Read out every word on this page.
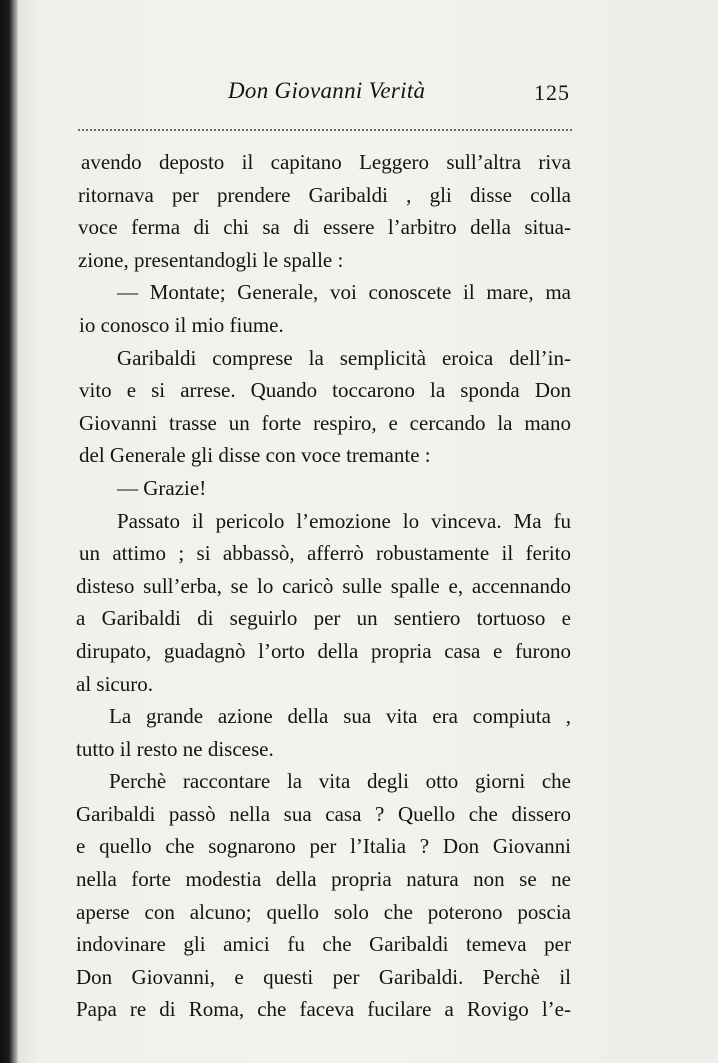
Don Giovanni Verità	125
avendo deposto il capitano Leggero sull’altra riva
ritornava per prendere Garibaldi , gli disse colla
voce ferma di chi sa di essere l’arbitro della situa-
zione, presentandogli le spalle :
— Montate; Generale, voi conoscete il mare, ma
io conosco il mio fiume.
Garibaldi comprese la semplicità eroica dell’in-
vito e si arrese. Quando toccarono la sponda Don
Giovanni trasse un forte respiro, e cercando la mano
del Generale gli disse con voce tremante :
— Grazie!
Passato il pericolo l’emozione lo vinceva. Ma fu
un attimo ; si abbassò, afferrò robustamente il ferito
disteso sull’erba, se lo caricò sulle spalle e, accennando
a Garibaldi di seguirlo per un sentiero tortuoso e
dirupato, guadagnò l’orto della propria casa e furono
al sicuro.
La grande azione della sua vita era compiuta ,
tutto il resto ne discese.
Perchè raccontare la vita degli otto giorni che
Garibaldi passò nella sua casa ? Quello che dissero
e quello che sognarono per l’Italia ? Don Giovanni
nella forte modestia della propria natura non se ne
aperse con alcuno; quello solo che poterono poscia
indovinare gli amici fu che Garibaldi temeva per
Don Giovanni, e questi per Garibaldi. Perchè il
Papa re di Roma, che faceva fucilare a Rovigo l’e-
